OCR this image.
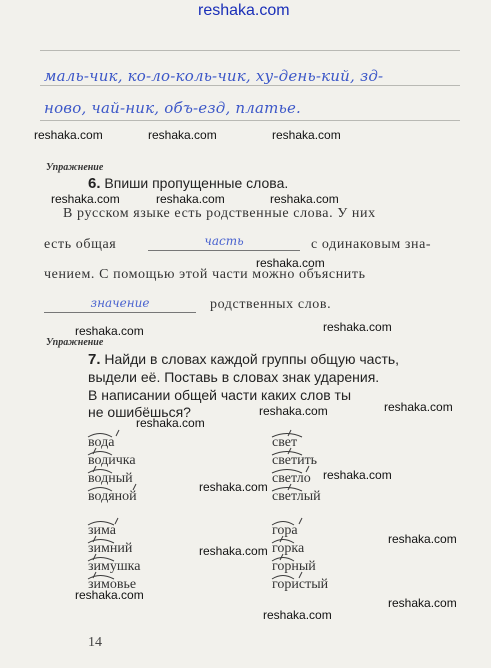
reshaka.com
маль-чик, ко-ло-коль-чик, ху-день-кий, зд-
ново, чай-ник, объ-езд, платье.
Упражнение
6. Впиши пропущенные слова.
В русском языке есть родственные слова. У них
есть общая	часть	с одинаковым зна-
чением. С помощью этой части можно объяснить
значение	родственных слов.
Упражнение
7. Найди в словах каждой группы общую часть,
выдели её. Поставь в словах знак ударения.
В написании общей части каких слов ты
не ошибёшься?
вода
водичка
водный
водяной
зима
зимний
зимушка
зимовье
свет
светить
светло
светлый
гора
горка
горный
гористый
14
reshaka.com	reshaka.com	reshaka.com
reshaka.com	reshaka.com	reshaka.com
reshaka.com
reshaka.com
reshaka.com
reshaka.com
reshaka.com
reshaka.com
reshaka.com
reshaka.com
reshaka.com
reshaka.com
reshaka.com
reshaka.com
reshaka.com
